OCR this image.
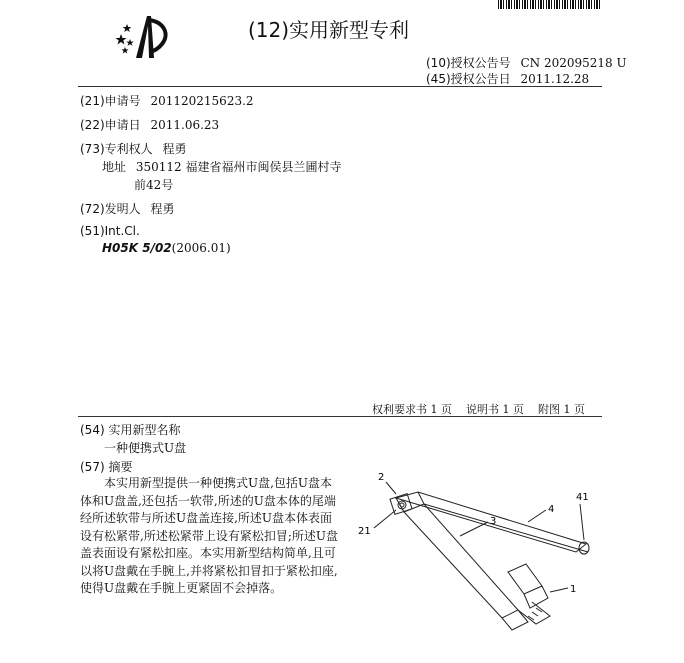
(12)实用新型专利
(10)授权公告号 CN 202095218 U
(45)授权公告日 2011.12.28
(21)申请号 201120215623.2
(22)申请日 2011.06.23
(73)专利权人 程勇
地址 350112 福建省福州市闽侯县兰圃村寺
前42号
(72)发明人 程勇
(51)Int.Cl.
H05K 5/02(2006.01)
权利要求书 1 页    说明书 1 页    附图 1 页
(54) 实用新型名称
一种便携式U盘
(57) 摘要
本实用新型提供一种便携式U盘,包括U盘本体和U盘盖,还包括一软带,所述的U盘本体的尾端经所述软带与所述U盘盖连接,所述U盘本体表面设有松紧带,所述松紧带上设有紧松扣冒;所述U盘盖表面设有紧松扣座。本实用新型结构简单,且可以将U盘戴在手腕上,并将紧松扣冒扣于紧松扣座,使得U盘戴在手腕上更紧固不会掉落。
2
21
3
4
41
1
